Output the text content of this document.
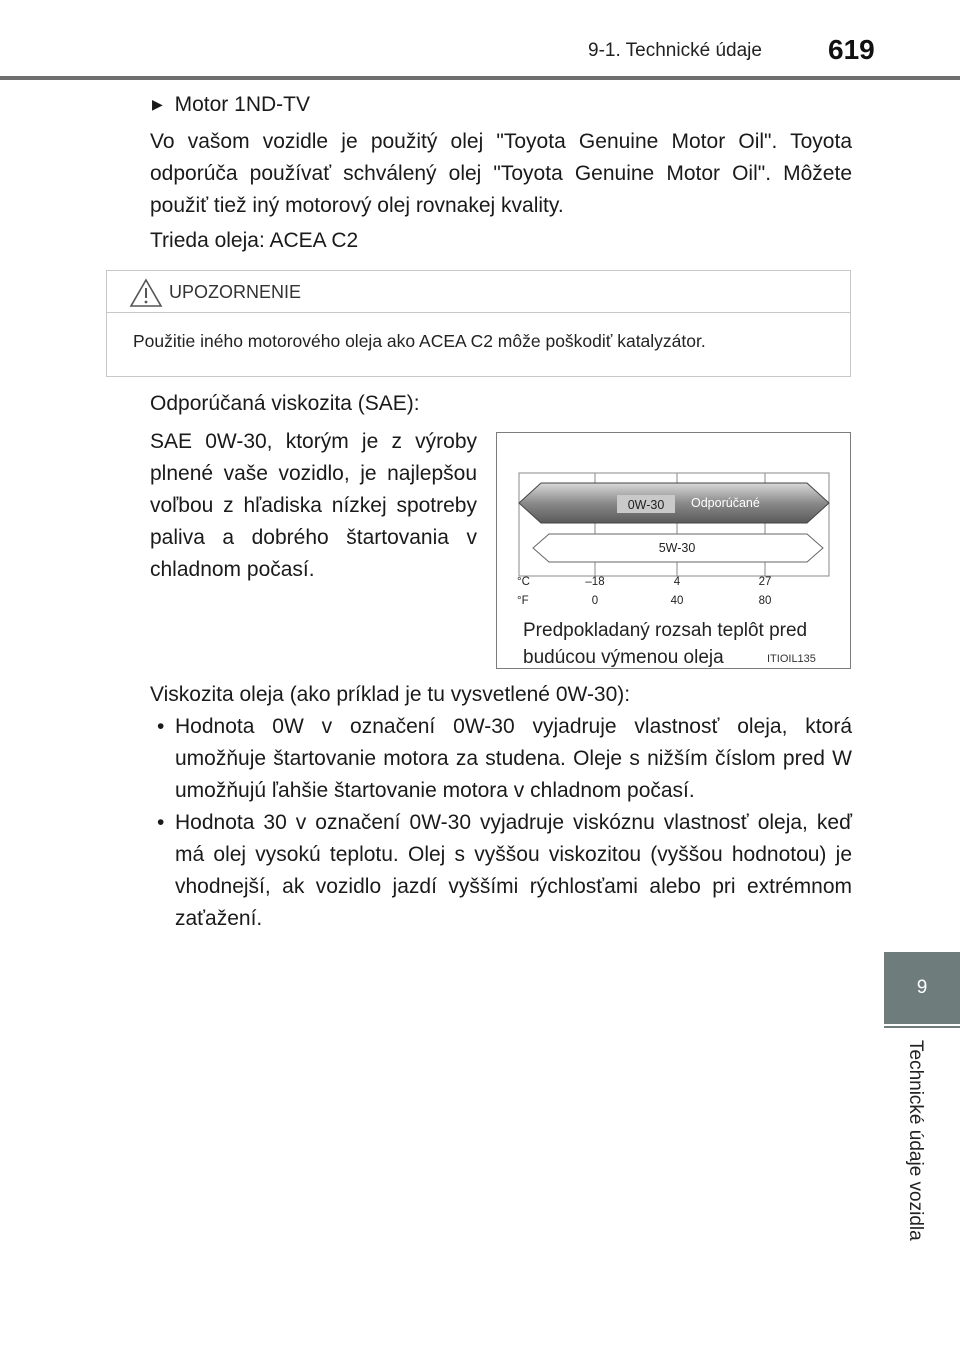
9-1. Technické údaje 619
9
Technické údaje vozidla
▶ Motor 1ND-TV
Vo vašom vozidle je použitý olej "Toyota Genuine Motor Oil". Toyota odporúča používať schválený olej "Toyota Genuine Motor Oil". Môžete použiť tiež iný motorový olej rovnakej kvality.
Trieda oleja: ACEA C2
UPOZORNENIE
Použitie iného motorového oleja ako ACEA C2 môže poškodiť katalyzátor.
Odporúčaná viskozita (SAE):
SAE 0W-30, ktorým je z výroby plnené vaše vozidlo, je najlepšou voľbou z hľadiska nízkej spotreby paliva a dobrého štartovania v chladnom počasí.
0W-30 Odporúčané
5W-30
°C
°F
–18	4	27
0	40	80
Predpokladaný rozsah teplôt pred budúcou výmenou oleja	ITIOIL135
Viskozita oleja (ako príklad je tu vysvetlené 0W-30):
• Hodnota 0W v označení 0W-30 vyjadruje vlastnosť oleja, ktorá umožňuje štartovanie motora za studena. Oleje s nižším číslom pred W umožňujú ľahšie štartovanie motora v chladnom počasí.
• Hodnota 30 v označení 0W-30 vyjadruje viskóznu vlastnosť oleja, keď má olej vysokú teplotu. Olej s vyššou viskozitou (vyššou hodnotou) je vhodnejší, ak vozidlo jazdí vyššími rýchlosťami alebo pri extrémnom zaťažení.
